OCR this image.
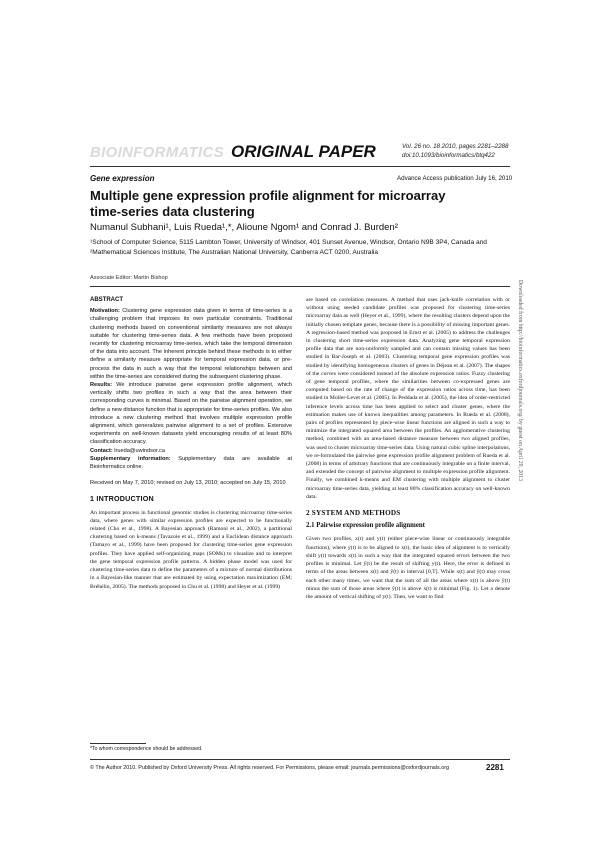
BIOINFORMATICS ORIGINAL PAPER	Vol. 26 no. 18 2010, pages 2281–2288
doi:10.1093/bioinformatics/btq422
Gene expression	Advance Access publication July 16, 2010
Multiple gene expression profile alignment for microarray
time-series data clustering
Numanul Subhani¹, Luis Rueda¹,*, Alioune Ngom¹ and Conrad J. Burden²
¹School of Computer Science, 5115 Lambton Tower, University of Windsor, 401 Sunset Avenue, Windsor, Ontario N9B 3P4, Canada and ²Mathematical Sciences Institute, The Australian National University, Canberra ACT 0200, Australia
Associate Editor: Martin Bishop
ABSTRACT

Motivation: Clustering gene expression data given in terms of time-series is a challenging problem that imposes its own particular constraints. Traditional clustering methods based on conventional similarity measures are not always suitable for clustering time-series data. A few methods have been proposed recently for clustering microarray time-series, which take the temporal dimension of the data into account. The inherent principle behind these methods is to either define a similarity measure appropriate for temporal expression data, or pre-process the data in such a way that the temporal relationships between and within the time-series are considered during the subsequent clustering phase.

Results: We introduce pairwise gene expression profile alignment, which vertically shifts two profiles in such a way that the area between their corresponding curves is minimal. Based on the pairwise alignment operation, we define a new distance function that is appropriate for time-series profiles. We also introduce a new clustering method that involves multiple expression profile alignment, which generalizes pairwise alignment to a set of profiles. Extensive experiments on well-known datasets yield encouraging results of at least 80% classification accuracy.

Contact: lrueda@uwindsor.ca

Supplementary information: Supplementary data are available at Bioinformatics online.

Received on May 7, 2010; revised on July 13, 2010; accepted on July 15, 2010

1 INTRODUCTION

An important process in functional genomic studies is clustering microarray time-series data, where genes with similar expression profiles are expected to be functionally related (Cho et al., 1998). A Bayesian approach (Ramoni et al., 2002), a partitional clustering based on k-means (Tavazoie et al., 1999) and a Euclidean distance approach (Tamayo et al., 1999) have been proposed for clustering time-series gene expression profiles. They have applied self-organizing maps (SOMs) to visualize and to interpret the gene temporal expression profile patterns. A hidden phase model was used for clustering time-series data to define the parameters of a mixture of normal distributions in a Bayesian-like manner that are estimated by using expectation maximization (EM; Bréhélin, 2005). The methods proposed in Chu et al. (1998) and Heyer et al. (1999)

*To whom correspondence should be addressed.

are based on correlation measures. A method that uses jack-knife correlation with or without using seeded candidate profiles was proposed for clustering time-series microarray data as well (Heyer et al., 1999), where the resulting clusters depend upon the initially chosen template genes, because there is a possibility of missing important genes. A regression-based method was proposed in Ernst et al. (2005) to address the challenges in clustering short time-series expression data. Analyzing gene temporal expression profile data that are non-uniformly sampled and can contain missing values has been studied in Bar-Joseph et al. (2003). Clustering temporal gene expression profiles was studied by identifying homogeneous clusters of genes in Déjean et al. (2007). The shapes of the curves were considered instead of the absolute expression ratios. Fuzzy clustering of gene temporal profiles, where the similarities between co-expressed genes are computed based on the rate of change of the expression ratios across time, has been studied in Moller-Levet et al. (2005). In Peddada et al. (2005), the idea of order-restricted inference levels across time has been applied to select and cluster genes, where the estimation makes use of known inequalities among parameters. In Rueda et al. (2008), pairs of profiles represented by piece-wise linear functions are aligned in such a way to minimize the integrated squared area between the profiles. An agglomerative clustering method, combined with an area-based distance measure between two aligned profiles, was used to cluster microarray time-series data. Using natural cubic spline interpolations, we re-formulated the pairwise gene expression profile alignment problem of Rueda et al. (2008) in terms of arbitrary functions that are continuously integrable on a finite interval, and extended the concept of pairwise alignment to multiple expression profile alignment. Finally, we combined k-means and EM clustering with multiple alignment to cluster microarray time-series data, yielding at least 80% classification accuracy on well-known data.

2 SYSTEM AND METHODS
2.1 Pairwise expression profile alignment

Given two profiles, x(t) and y(t) (either piece-wise linear or continuously integrable functions), where y(t) is to be aligned to x(t), the basic idea of alignment is to vertically shift y(t) towards x(t) in such a way that the integrated squared errors between the two profiles is minimal. Let ŷ(t) be the result of shifting y(t). Here, the error is defined in terms of the areas between x(t) and ŷ(t) in interval [0,T]. While x(t) and ŷ(t) may cross each other many times, we want that the sum of all the areas where x(t) is above ŷ(t) minus the sum of those areas where ŷ(t) is above x(t) is minimal (Fig. 1). Let a denote the amount of vertical shifting of y(t). Then, we want to find

© The Author 2010. Published by Oxford University Press. All rights reserved. For Permissions, please email: journals.permissions@oxfordjournals.org	2281
Downloaded from http://bioinformatics.oxfordjournals.org/ by guest on April 20, 2013
